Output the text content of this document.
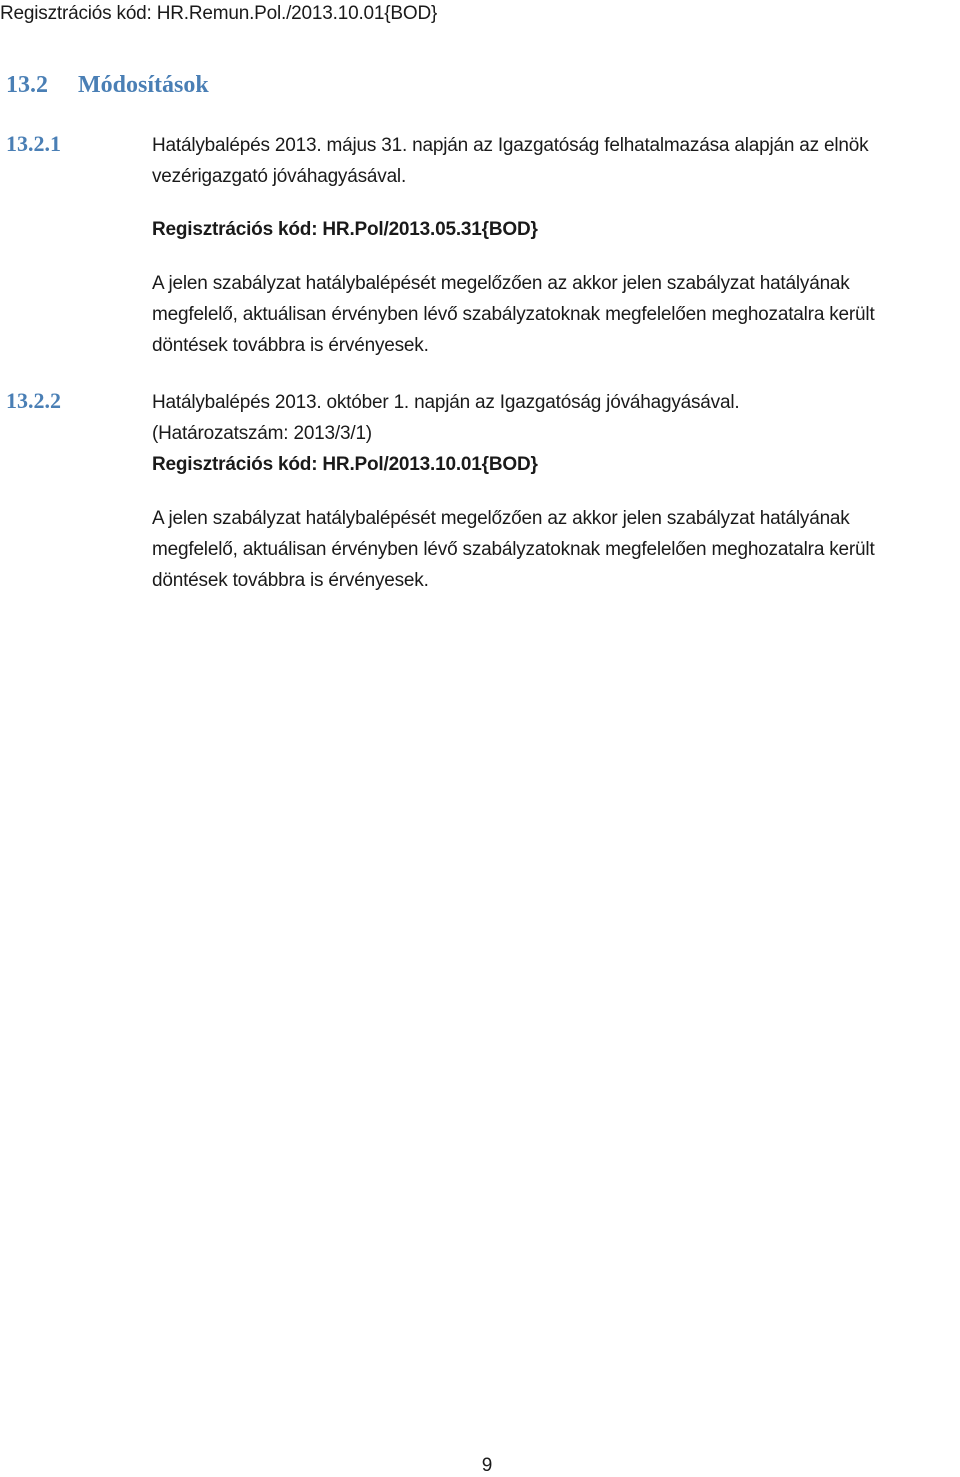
Regisztrációs kód: HR.Remun.Pol./2013.10.01{BOD}
13.2 Módosítások
13.2.1	Hatálybalépés 2013. május 31. napján az Igazgatóság felhatalmazása alapján az elnök
vezérigazgató jóváhagyásával.
Regisztrációs kód: HR.Pol/2013.05.31{BOD}
A jelen szabályzat hatálybalépését megelőzően az akkor jelen szabályzat hatályának
megfelelő, aktuálisan érvényben lévő szabályzatoknak megfelelően meghozatalra került
döntések továbbra is érvényesek.
13.2.2	Hatálybalépés 2013. október 1. napján az Igazgatóság jóváhagyásával.
(Határozatszám: 2013/3/1)
Regisztrációs kód: HR.Pol/2013.10.01{BOD}
A jelen szabályzat hatálybalépését megelőzően az akkor jelen szabályzat hatályának
megfelelő, aktuálisan érvényben lévő szabályzatoknak megfelelően meghozatalra került
döntések továbbra is érvényesek.
9
